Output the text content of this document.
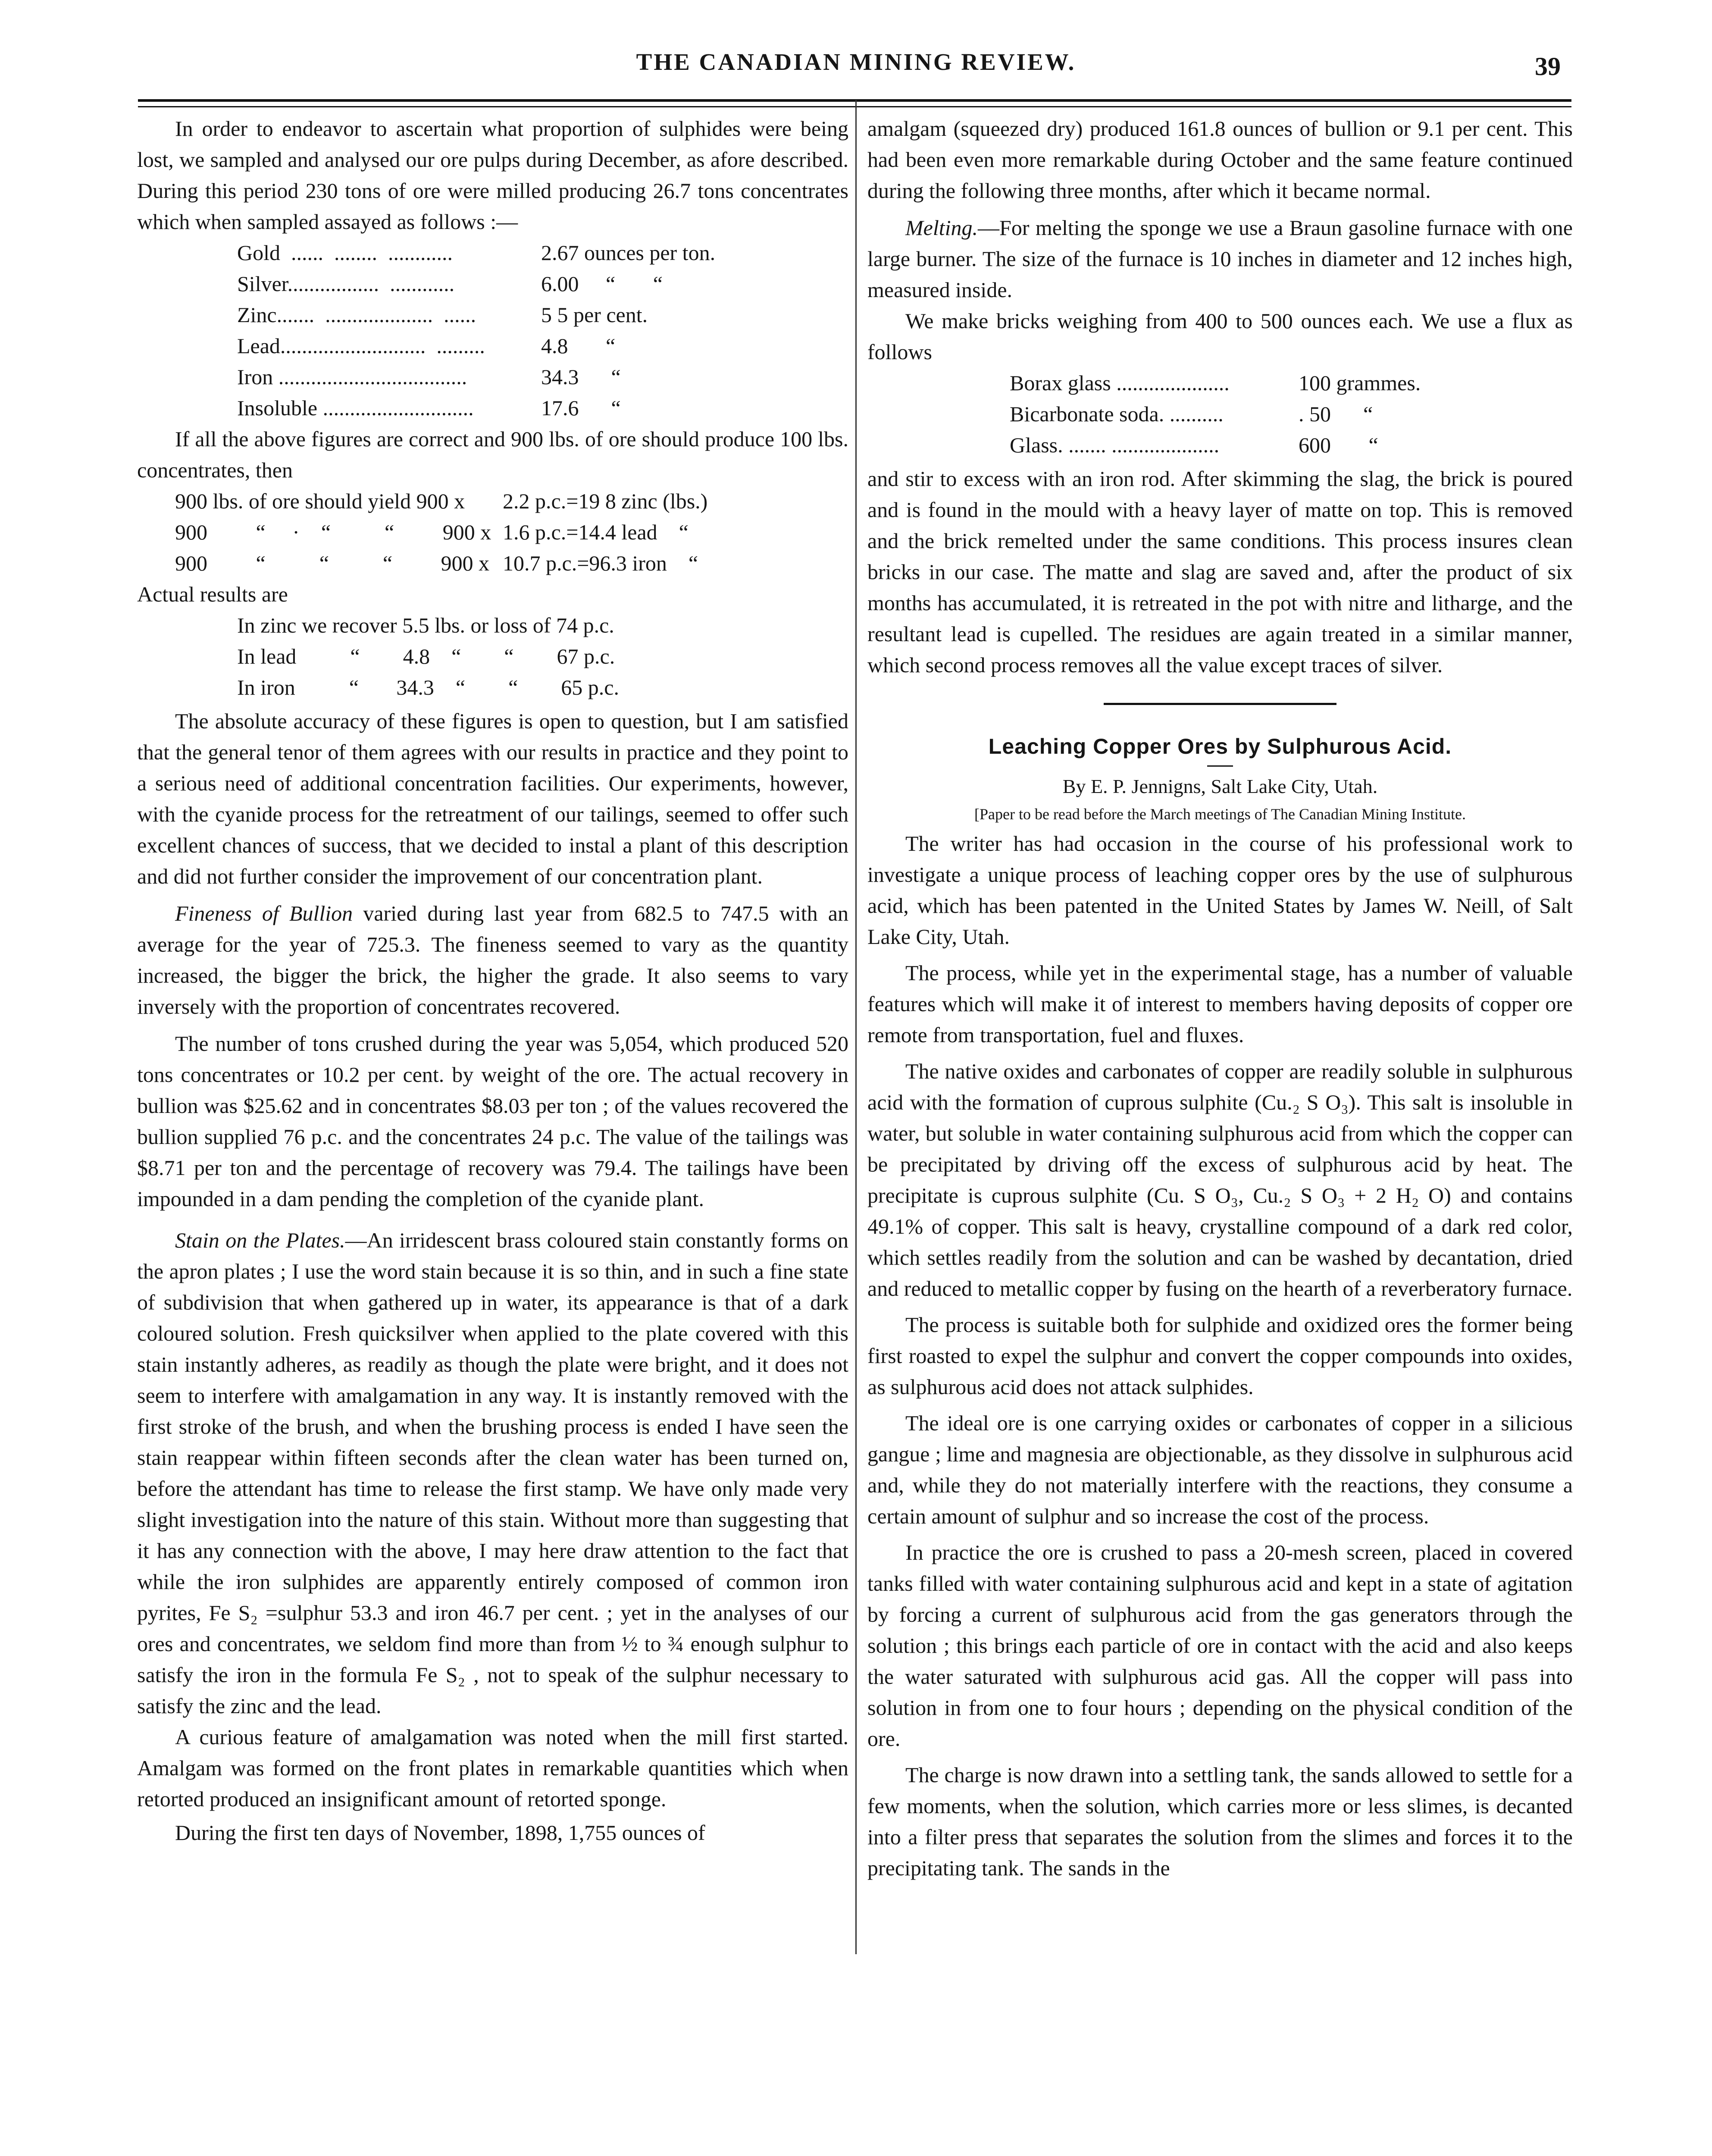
THE CANADIAN MINING REVIEW.	39

In order to endeavor to ascertain what proportion of sulphides were being lost, we sampled and analysed our ore pulps during December, as afore described. During this period 230 tons of ore were milled producing 26.7 tons concentrates which when sampled assayed as follows :—

Gold  ......  ........  ............	2.67 ounces per ton.
Silver.................  ............	6.00     “       “
Zinc.......  ....................  ......	5 5 per cent.
Lead...........................  .........	4.8       “
Iron ...................................	34.3      “
Insoluble ............................	17.6      “

If all the above figures are correct and 900 lbs. of ore should produce 100 lbs. concentrates, then

900 lbs. of ore should yield 900 x	2.2 p.c.=19 8 zinc (lbs.)
900         “     ·    “          “         900 x	1.6 p.c.=14.4 lead    “
900         “          “          “         900 x	10.7 p.c.=96.3 iron    “

Actual results are

In zinc we recover 5.5 lbs. or loss of 74 p.c.
In lead          “        4.8    “        “        67 p.c.
In iron          “       34.3    “        “        65 p.c.

The absolute accuracy of these figures is open to question, but I am satisfied that the general tenor of them agrees with our results in practice and they point to a serious need of additional concentration facilities. Our experiments, however, with the cyanide process for the retreatment of our tailings, seemed to offer such excellent chances of success, that we decided to instal a plant of this description and did not further consider the improvement of our concentration plant.

Fineness of Bullion varied during last year from 682.5 to 747.5 with an average for the year of 725.3. The fineness seemed to vary as the quantity increased, the bigger the brick, the higher the grade. It also seems to vary inversely with the proportion of concentrates recovered.

The number of tons crushed during the year was 5,054, which produced 520 tons concentrates or 10.2 per cent. by weight of the ore. The actual recovery in bullion was $25.62 and in concentrates $8.03 per ton ; of the values recovered the bullion supplied 76 p.c. and the concentrates 24 p.c. The value of the tailings was $8.71 per ton and the percentage of recovery was 79.4. The tailings have been impounded in a dam pending the completion of the cyanide plant.

Stain on the Plates.—An irridescent brass coloured stain constantly forms on the apron plates ; I use the word stain because it is so thin, and in such a fine state of subdivision that when gathered up in water, its appearance is that of a dark coloured solution. Fresh quicksilver when applied to the plate covered with this stain instantly adheres, as readily as though the plate were bright, and it does not seem to interfere with amalgamation in any way. It is instantly removed with the first stroke of the brush, and when the brushing process is ended I have seen the stain reappear within fifteen seconds after the clean water has been turned on, before the attendant has time to release the first stamp. We have only made very slight investigation into the nature of this stain. Without more than suggesting that it has any connection with the above, I may here draw attention to the fact that while the iron sulphides are apparently entirely composed of common iron pyrites, Fe S₂ =sulphur 53.3 and iron 46.7 per cent. ; yet in the analyses of our ores and concentrates, we seldom find more than from ½ to ¾ enough sulphur to satisfy the iron in the formula Fe S₂ , not to speak of the sulphur necessary to satisfy the zinc and the lead.

A curious feature of amalgamation was noted when the mill first started. Amalgam was formed on the front plates in remarkable quantities which when retorted produced an insignificant amount of retorted sponge.

During the first ten days of November, 1898, 1,755 ounces of

amalgam (squeezed dry) produced 161.8 ounces of bullion or 9.1 per cent. This had been even more remarkable during October and the same feature continued during the following three months, after which it became normal.

Melting.—For melting the sponge we use a Braun gasoline furnace with one large burner. The size of the furnace is 10 inches in diameter and 12 inches high, measured inside.

We make bricks weighing from 400 to 500 ounces each. We use a flux as follows

Borax glass .....................	100 grammes.
Bicarbonate soda. ..........	. 50      “
Glass. ....... ....................	600       “

and stir to excess with an iron rod. After skimming the slag, the brick is poured and is found in the mould with a heavy layer of matte on top. This is removed and the brick remelted under the same conditions. This process insures clean bricks in our case. The matte and slag are saved and, after the product of six months has accumulated, it is retreated in the pot with nitre and litharge, and the resultant lead is cupelled. The residues are again treated in a similar manner, which second process removes all the value except traces of silver.

Leaching Copper Ores by Sulphurous Acid.
By E. P. Jennigns, Salt Lake City, Utah.
[Paper to be read before the March meetings of The Canadian Mining Institute.

The writer has had occasion in the course of his professional work to investigate a unique process of leaching copper ores by the use of sulphurous acid, which has been patented in the United States by James W. Neill, of Salt Lake City, Utah.

The process, while yet in the experimental stage, has a number of valuable features which will make it of interest to members having deposits of copper ore remote from transportation, fuel and fluxes.

The native oxides and carbonates of copper are readily soluble in sulphurous acid with the formation of cuprous sulphite (Cu.₂ S O₃). This salt is insoluble in water, but soluble in water containing sulphurous acid from which the copper can be precipitated by driving off the excess of sulphurous acid by heat. The precipitate is cuprous sulphite (Cu. S O₃, Cu.₂ S O₃ + 2 H₂ O) and contains 49.1% of copper. This salt is heavy, crystalline compound of a dark red color, which settles readily from the solution and can be washed by decantation, dried and reduced to metallic copper by fusing on the hearth of a reverberatory furnace.

The process is suitable both for sulphide and oxidized ores the former being first roasted to expel the sulphur and convert the copper compounds into oxides, as sulphurous acid does not attack sulphides.

The ideal ore is one carrying oxides or carbonates of copper in a silicious gangue ; lime and magnesia are objectionable, as they dissolve in sulphurous acid and, while they do not materially interfere with the reactions, they consume a certain amount of sulphur and so increase the cost of the process.

In practice the ore is crushed to pass a 20-mesh screen, placed in covered tanks filled with water containing sulphurous acid and kept in a state of agitation by forcing a current of sulphurous acid from the gas generators through the solution ; this brings each particle of ore in contact with the acid and also keeps the water saturated with sulphurous acid gas. All the copper will pass into solution in from one to four hours ; depending on the physical condition of the ore.

The charge is now drawn into a settling tank, the sands allowed to settle for a few moments, when the solution, which carries more or less slimes, is decanted into a filter press that separates the solution from the slimes and forces it to the precipitating tank. The sands in the
